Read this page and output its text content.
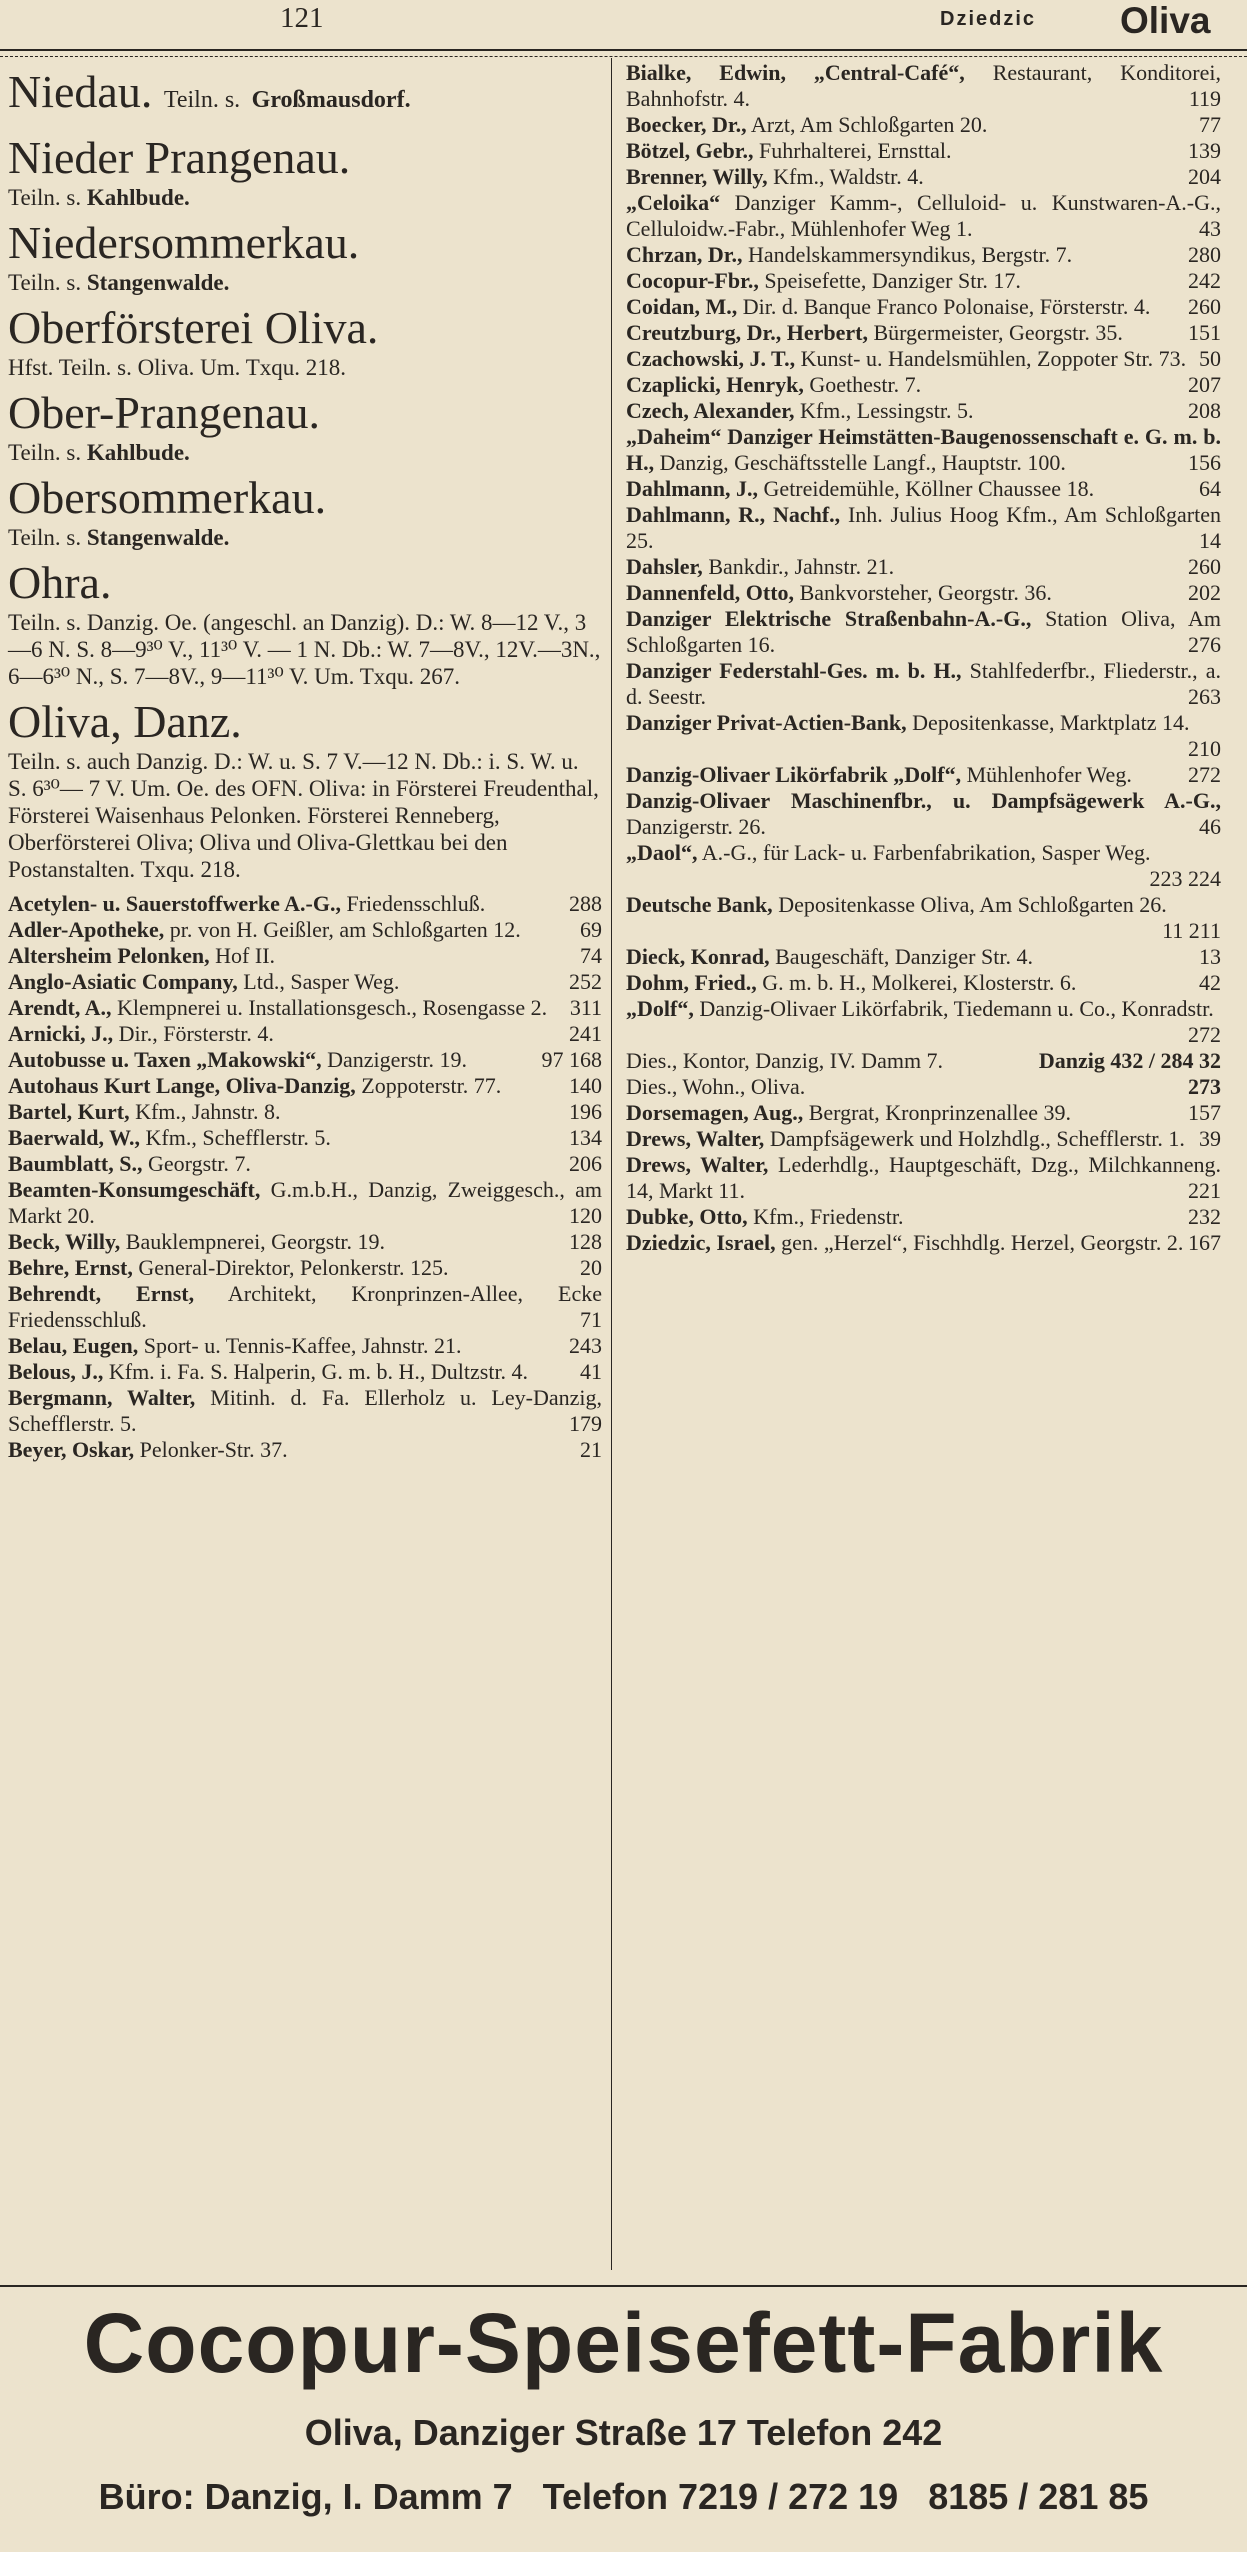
121	Dziedzic Oliva
Niedau. Teiln. s. Großmausdorf.
Nieder Prangenau.
Teiln. s. Kahlbude.
Niedersommerkau.
Teiln. s. Stangenwalde.
Oberförsterei Oliva.
Hfst. Teiln. s. Oliva. Um. Txqu. 218.
Ober-Prangenau.
Teiln. s. Kahlbude.
Obersommerkau.
Teiln. s. Stangenwalde.
Ohra.
Teiln. s. Danzig. Oe. (angeschl. an Danzig). D.: W. 8—12 V., 3—6 N. S. 8—9³⁰ V., 11³⁰ V. — 1 N. Db.: W. 7—8V., 12V.—3N., 6—6³⁰ N., S. 7—8V., 9—11³⁰ V. Um. Txqu. 267.
Oliva, Danz.
Teiln. s. auch Danzig. D.: W. u. S. 7 V.—12 N. Db.: i. S. W. u. S. 6³⁰— 7 V. Um. Oe. des OFN. Oliva: in Försterei Freudenthal, Försterei Waisenhaus Pelonken. Försterei Renneberg, Oberförsterei Oliva; Oliva und Oliva-Glettkau bei den Postanstalten. Txqu. 218.
Acetylen- u. Sauerstoffwerke A.-G., Friedensschluß.	288
Adler-Apotheke, pr. von H. Geißler, am Schloßgarten 12.	69
Altersheim Pelonken, Hof II.	74
Anglo-Asiatic Company, Ltd., Sasper Weg.	252
Arendt, A., Klempnerei u. Installationsgesch., Rosengasse 2. 311
Arnicki, J., Dir., Försterstr. 4.	241
Autobusse u. Taxen „Makowski“, Danzigerstr. 19.	97 168
Autohaus Kurt Lange, Oliva-Danzig, Zoppoterstr. 77.	140
Bartel, Kurt, Kfm., Jahnstr. 8.	196
Baerwald, W., Kfm., Schefflerstr. 5.	134
Baumblatt, S., Georgstr. 7.	206
Beamten-Konsumgeschäft, G.m.b.H., Danzig, Zweiggesch., am Markt 20.	120
Beck, Willy, Bauklempnerei, Georgstr. 19.	128
Behre, Ernst, General-Direktor, Pelonkerstr. 125.	20
Behrendt, Ernst, Architekt, Kronprinzen-Allee, Ecke Friedensschluß.	71
Belau, Eugen, Sport- u. Tennis-Kaffee, Jahnstr. 21.	243
Belous, J., Kfm. i. Fa. S. Halperin, G. m. b. H., Dultzstr. 4. 41
Bergmann, Walter, Mitinh. d. Fa. Ellerholz u. Ley-Danzig, Schefflerstr. 5.	179
Beyer, Oskar, Pelonker-Str. 37.	21
Bialke, Edwin, „Central-Café“, Restaurant, Konditorei, Bahnhofstr. 4.	119
Boecker, Dr., Arzt, Am Schloßgarten 20.	77
Bötzel, Gebr., Fuhrhalterei, Ernsttal.	139
Brenner, Willy, Kfm., Waldstr. 4.	204
„Celoika“ Danziger Kamm-, Celluloid- u. Kunstwaren-A.-G., Celluloidw.-Fabr., Mühlenhofer Weg 1.	43
Chrzan, Dr., Handelskammersyndikus, Bergstr. 7.	280
Cocopur-Fbr., Speisefette, Danziger Str. 17.	242
Coidan, M., Dir. d. Banque Franco Polonaise, Försterstr. 4. 260
Creutzburg, Dr., Herbert, Bürgermeister, Georgstr. 35.	151
Czachowski, J. T., Kunst- u. Handelsmühlen, Zoppoter Str. 73. 50
Czaplicki, Henryk, Goethestr. 7.	207
Czech, Alexander, Kfm., Lessingstr. 5.	208
„Daheim“ Danziger Heimstätten-Baugenossenschaft e. G. m. b. H., Danzig, Geschäftsstelle Langf., Hauptstr. 100.	156
Dahlmann, J., Getreidemühle, Köllner Chaussee 18.	64
Dahlmann, R., Nachf., Inh. Julius Hoog Kfm., Am Schloßgarten 25.	14
Dahsler, Bankdir., Jahnstr. 21.	260
Dannenfeld, Otto, Bankvorsteher, Georgstr. 36.	202
Danziger Elektrische Straßenbahn-A.-G., Station Oliva, Am Schloßgarten 16.	276
Danziger Federstahl-Ges. m. b. H., Stahlfederfbr., Fliederstr., a. d. Seestr.	263
Danziger Privat-Actien-Bank, Depositenkasse, Marktplatz 14.
210
Danzig-Olivaer Likörfabrik „Dolf“, Mühlenhofer Weg.	272
Danzig-Olivaer Maschinenfbr., u. Dampfsägewerk A.-G., Danzigerstr. 26.	46
„Daol“, A.-G., für Lack- u. Farbenfabrikation, Sasper Weg.
223 224
Deutsche Bank, Depositenkasse Oliva, Am Schloßgarten 26.
11 211
Dieck, Konrad, Baugeschäft, Danziger Str. 4.	13
Dohm, Fried., G. m. b. H., Molkerei, Klosterstr. 6.	42
„Dolf“, Danzig-Olivaer Likörfabrik, Tiedemann u. Co., Konradstr.
272
Dies., Kontor, Danzig, IV. Damm 7.	Danzig 432 / 284 32
Dies., Wohn., Oliva.	273
Dorsemagen, Aug., Bergrat, Kronprinzenallee 39.	157
Drews, Walter, Dampfsägewerk und Holzhdlg., Schefflerstr. 1. 39
Drews, Walter, Lederhdlg., Hauptgeschäft, Dzg., Milchkanneng. 14, Markt 11.	221
Dubke, Otto, Kfm., Friedenstr.	232
Dziedzic, Israel, gen. „Herzel“, Fischhdlg. Herzel, Georgstr. 2. 167
Cocopur-Speisefett-Fabrik
Oliva, Danziger Straße 17 Telefon 242
Büro: Danzig, I. Damm 7   Telefon 7219 / 272 19   8185 / 281 85
